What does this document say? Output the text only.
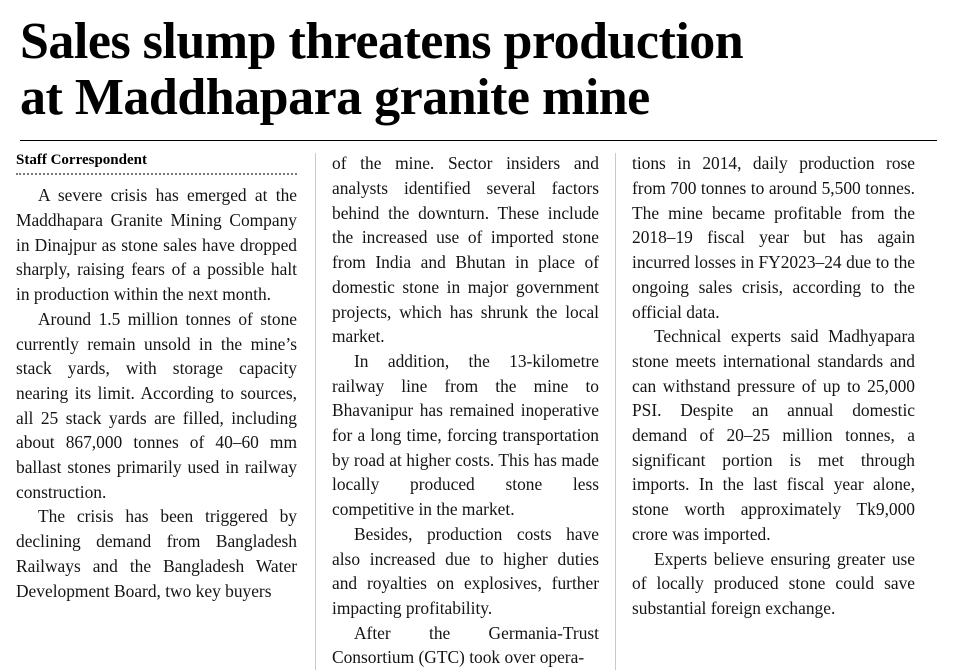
Sales slump threatens production
at Maddhapara granite mine
Staff Correspondent

A severe crisis has emerged at the Maddhapara Granite Mining Company in Dinajpur as stone sales have dropped sharply, raising fears of a possible halt in production within the next month.

Around 1.5 million tonnes of stone currently remain unsold in the mine’s stack yards, with storage capacity nearing its limit. According to sources, all 25 stack yards are filled, including about 867,000 tonnes of 40–60 mm ballast stones primarily used in railway construction.

The crisis has been triggered by declining demand from Bangladesh Railways and the Bangladesh Water Development Board, two key buyers

of the mine. Sector insiders and analysts identified several factors behind the downturn. These include the increased use of imported stone from India and Bhutan in place of domestic stone in major government projects, which has shrunk the local market.

In addition, the 13-kilometre railway line from the mine to Bhavanipur has remained inoperative for a long time, forcing transportation by road at higher costs. This has made locally produced stone less competitive in the market.

Besides, production costs have also increased due to higher duties and royalties on explosives, further impacting profitability.

After the Germania-Trust Consortium (GTC) took over opera-

tions in 2014, daily production rose from 700 tonnes to around 5,500 tonnes. The mine became profitable from the 2018–19 fiscal year but has again incurred losses in FY2023–24 due to the ongoing sales crisis, according to the official data.

Technical experts said Madhyapara stone meets international standards and can withstand pressure of up to 25,000 PSI. Despite an annual domestic demand of 20–25 million tonnes, a significant portion is met through imports. In the last fiscal year alone, stone worth approximately Tk9,000 crore was imported.

Experts believe ensuring greater use of locally produced stone could save substantial foreign exchange.
